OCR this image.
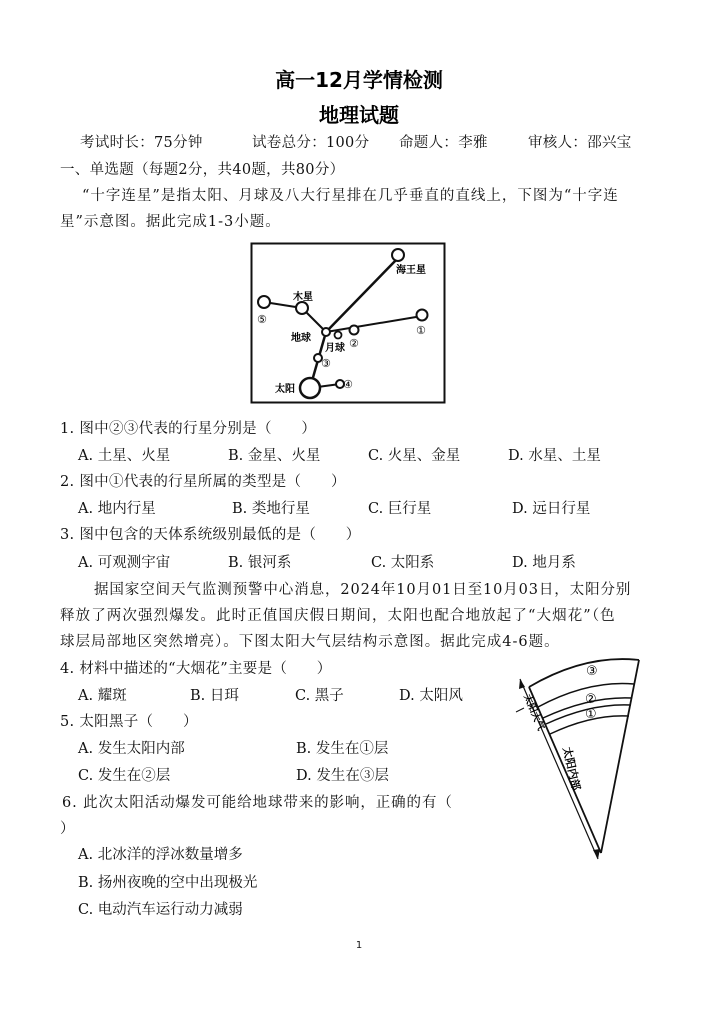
高一12月学情检测
地理试题
考试时长：75分钟	试卷总分：100分 命题人：李雅	审核人：邵兴宝
一、单选题（每题2分，共40题，共80分）
“十字连星”是指太阳、月球及八大行星排在几乎垂直的直线上，下图为“十字连
星”示意图。据此完成1-3小题。
海王星
木星
地球
月球
太阳
①
②
③
④
⑤
1. 图中②③代表的行星分别是（　　）
A. 土星、火星	B. 金星、火星	C. 火星、金星	D. 水星、土星
2. 图中①代表的行星所属的类型是（　　）
A. 地内行星	B. 类地行星	C. 巨行星	D. 远日行星
3. 图中包含的天体系统级别最低的是（　　）
A. 可观测宇宙	B. 银河系	C. 太阳系	D. 地月系
据国家空间天气监测预警中心消息，2024年10月01日至10月03日，太阳分别
释放了两次强烈爆发。此时正值国庆假日期间，太阳也配合地放起了“大烟花”（色
球层局部地区突然增亮）。下图太阳大气层结构示意图。据此完成4-6题。
4. 材料中描述的“大烟花”主要是（　　）
A. 耀斑	B. 日珥	C. 黑子	D. 太阳风
5. 太阳黑子（　　）
A. 发生太阳内部	B. 发生在①层
C. 发生在②层	D. 发生在③层
6. 此次太阳活动爆发可能给地球带来的影响，正确的有（
）
A. 北冰洋的浮冰数量增多
B. 扬州夜晚的空中出现极光
C. 电动汽车运行动力减弱
③
②
①
太阳大气
太阳内部
1
